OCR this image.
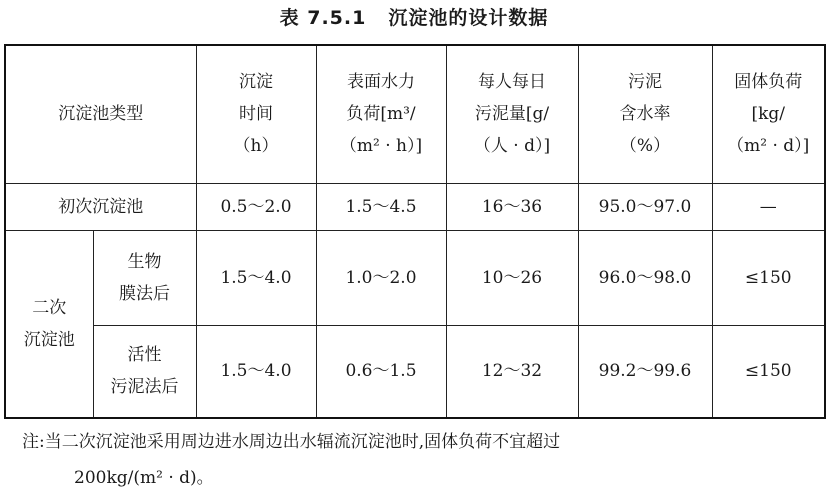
表 7.5.1 沉淀池的设计数据
沉淀池类型		沉淀
时间
（h）	表面水力
负荷[m³/
（m² · h）]	每人每日
污泥量[g/
（人 · d）]	污泥
含水率
（%）	固体负荷
[kg/
（m² · d）]

初次沉淀池		0.5～2.0	1.5～4.5	16～36	95.0～97.0	—

二次
沉淀池	生物
膜法后	1.5～4.0	1.0～2.0	10～26	96.0～98.0	≤150

	活性
污泥法后	1.5～4.0	0.6～1.5	12～32	99.2～99.6	≤150
注:当二次沉淀池采用周边进水周边出水辐流沉淀池时,固体负荷不宜超过
200kg/(m² · d)。
